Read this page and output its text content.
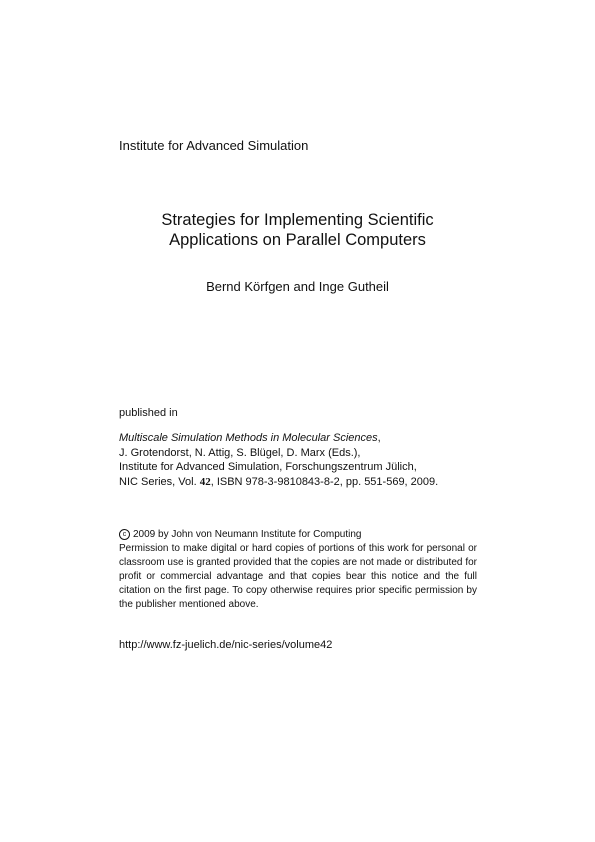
Institute for Advanced Simulation
Strategies for Implementing Scientific
Applications on Parallel Computers
Bernd Körfgen and Inge Gutheil
published in
Multiscale Simulation Methods in Molecular Sciences,
J. Grotendorst, N. Attig, S. Blügel, D. Marx (Eds.),
Institute for Advanced Simulation, Forschungszentrum Jülich,
NIC Series, Vol. 42, ISBN 978-3-9810843-8-2, pp. 551-569, 2009.
c 2009 by John von Neumann Institute for Computing
Permission to make digital or hard copies of portions of this work for personal or classroom use is granted provided that the copies are not made or distributed for profit or commercial advantage and that copies bear this notice and the full citation on the first page. To copy otherwise requires prior specific permission by the publisher mentioned above.
http://www.fz-juelich.de/nic-series/volume42
